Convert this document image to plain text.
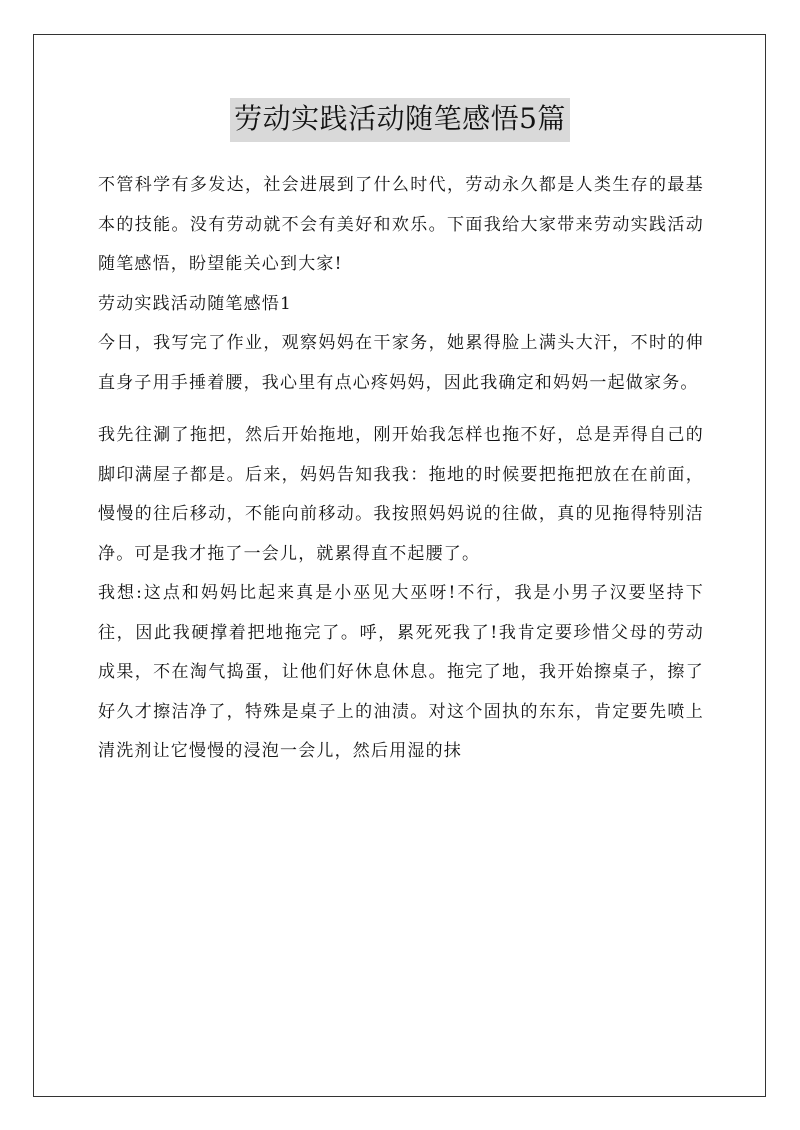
劳动实践活动随笔感悟5篇

不管科学有多发达，社会进展到了什么时代，劳动永久都是人类生存的最基本的技能。没有劳动就不会有美好和欢乐。下面我给大家带来劳动实践活动随笔感悟，盼望能关心到大家!

劳动实践活动随笔感悟1

今日，我写完了作业，观察妈妈在干家务，她累得脸上满头大汗，不时的伸直身子用手捶着腰，我心里有点心疼妈妈，因此我确定和妈妈一起做家务。

我先往涮了拖把，然后开始拖地，刚开始我怎样也拖不好，总是弄得自己的脚印满屋子都是。后来，妈妈告知我我：拖地的时候要把拖把放在在前面，慢慢的往后移动，不能向前移动。我按照妈妈说的往做，真的见拖得特别洁净。可是我才拖了一会儿，就累得直不起腰了。

我想:这点和妈妈比起来真是小巫见大巫呀!不行，我是小男子汉要坚持下往，因此我硬撑着把地拖完了。呼，累死死我了!我肯定要珍惜父母的劳动成果，不在淘气捣蛋，让他们好休息休息。拖完了地，我开始擦桌子，擦了好久才擦洁净了，特殊是桌子上的油渍。对这个固执的东东，肯定要先喷上清洗剂让它慢慢的浸泡一会儿，然后用湿的抹
